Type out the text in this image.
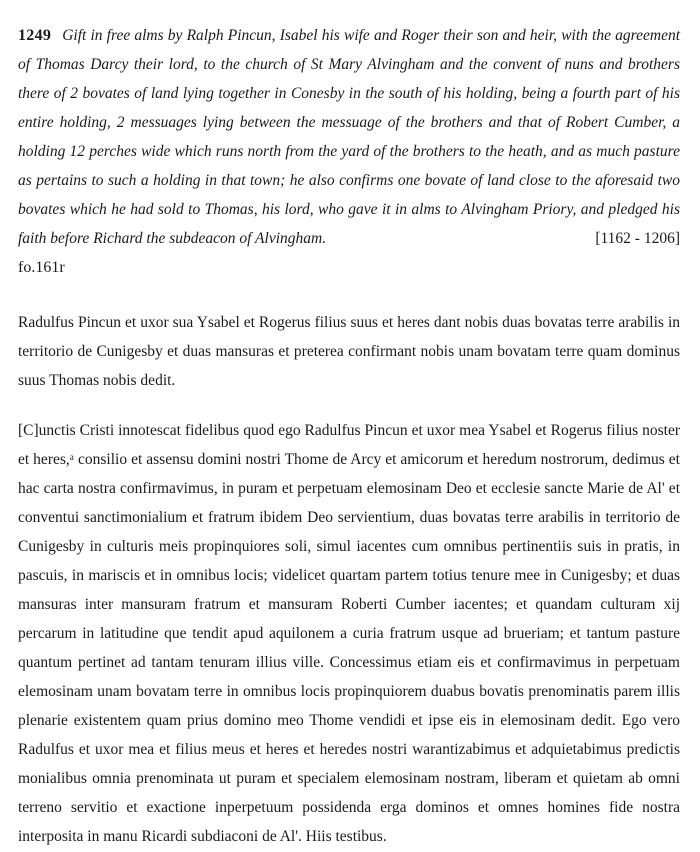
1249 Gift in free alms by Ralph Pincun, Isabel his wife and Roger their son and heir, with the agreement of Thomas Darcy their lord, to the church of St Mary Alvingham and the convent of nuns and brothers there of 2 bovates of land lying together in Conesby in the south of his holding, being a fourth part of his entire holding, 2 messuages lying between the messuage of the brothers and that of Robert Cumber, a holding 12 perches wide which runs north from the yard of the brothers to the heath, and as much pasture as pertains to such a holding in that town; he also confirms one bovate of land close to the aforesaid two bovates which he had sold to Thomas, his lord, who gave it in alms to Alvingham Priory, and pledged his faith before Richard the subdeacon of Alvingham.	[1162 - 1206]

fo.161r

Radulfus Pincun et uxor sua Ysabel et Rogerus filius suus et heres dant nobis duas bovatas terre arabilis in territorio de Cunigesby et duas mansuras et preterea confirmant nobis unam bovatam terre quam dominus suus Thomas nobis dedit.

[C]unctis Cristi innotescat fidelibus quod ego Radulfus Pincun et uxor mea Ysabel et Rogerus filius noster et heres,ᵃ consilio et assensu domini nostri Thome de Arcy et amicorum et heredum nostrorum, dedimus et hac carta nostra confirmavimus, in puram et perpetuam elemosinam Deo et ecclesie sancte Marie de Al' et conventui sanctimonialium et fratrum ibidem Deo servientium, duas bovatas terre arabilis in territorio de Cunigesby in culturis meis propinquiores soli, simul iacentes cum omnibus pertinentiis suis in pratis, in pascuis, in mariscis et in omnibus locis; videlicet quartam partem totius tenure mee in Cunigesby; et duas mansuras inter mansuram fratrum et mansuram Roberti Cumber iacentes; et quandam culturam xij percarum in latitudine que tendit apud aquilonem a curia fratrum usque ad brueriam; et tantum pasture quantum pertinet ad tantam tenuram illius ville. Concessimus etiam eis et confirmavimus in perpetuam elemosinam unam bovatam terre in omnibus locis propinquiorem duabus bovatis prenominatis parem illis plenarie existentem quam prius domino meo Thome vendidi et ipse eis in elemosinam dedit. Ego vero Radulfus et uxor mea et filius meus et heres et heredes nostri warantizabimus et adquietabimus predictis monialibus omnia prenominata ut puram et specialem elemosinam nostram, liberam et quietam ab omni terreno servitio et exactione inperpetuum possidenda erga dominos et omnes homines fide nostra interposita in manu Ricardi subdiaconi de Al'. Hiis testibus.
